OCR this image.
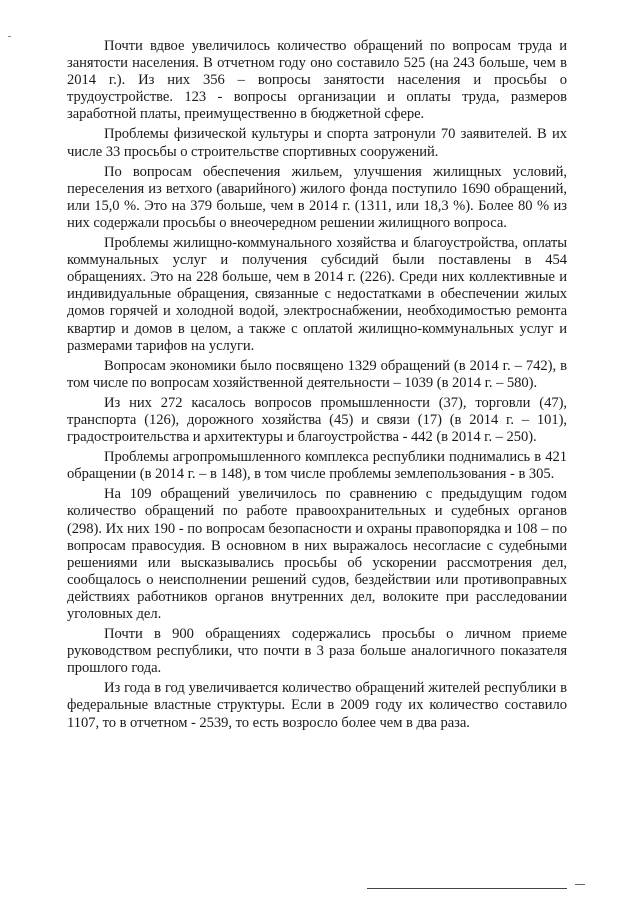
Почти вдвое увеличилось количество обращений по вопросам труда и занятости населения. В отчетном году оно составило 525 (на 243 больше, чем в 2014 г.). Из них 356 – вопросы занятости населения и просьбы о трудоустройстве. 123 - вопросы организации и оплаты труда, размеров заработной платы, преимущественно в бюджетной сфере.

Проблемы физической культуры и спорта затронули 70 заявителей. В их числе 33 просьбы о строительстве спортивных сооружений.

По вопросам обеспечения жильем, улучшения жилищных условий, переселения из ветхого (аварийного) жилого фонда поступило 1690 обращений, или 15,0 %. Это на 379 больше, чем в 2014 г. (1311, или 18,3 %). Более 80 % из них содержали просьбы о внеочередном решении жилищного вопроса.

Проблемы жилищно-коммунального хозяйства и благоустройства, оплаты коммунальных услуг и получения субсидий были поставлены в 454 обращениях. Это на 228 больше, чем в 2014 г. (226). Среди них коллективные и индивидуальные обращения, связанные с недостатками в обеспечении жилых домов горячей и холодной водой, электроснабжении, необходимостью ремонта квартир и домов в целом, а также с оплатой жилищно-коммунальных услуг и размерами тарифов на услуги.

Вопросам экономики было посвящено 1329 обращений (в 2014 г. – 742), в том числе по вопросам хозяйственной деятельности – 1039 (в 2014 г. – 580).

Из них 272 касалось вопросов промышленности (37), торговли (47), транспорта (126), дорожного хозяйства (45) и связи (17) (в 2014 г. – 101), градостроительства и архитектуры и благоустройства - 442 (в 2014 г. – 250).

Проблемы агропромышленного комплекса республики поднимались в 421 обращении (в 2014 г. – в 148), в том числе проблемы землепользования - в 305.

На 109 обращений увеличилось по сравнению с предыдущим годом количество обращений по работе правоохранительных и судебных органов (298). Их них 190 - по вопросам безопасности и охраны правопорядка и 108 – по вопросам правосудия. В основном в них выражалось несогласие с судебными решениями или высказывались просьбы об ускорении рассмотрения дел, сообщалось о неисполнении решений судов, бездействии или противоправных действиях работников органов внутренних дел, волоките при расследовании уголовных дел.

Почти в 900 обращениях содержались просьбы о личном приеме руководством республики, что почти в 3 раза больше аналогичного показателя прошлого года.

Из года в год увеличивается количество обращений жителей республики в федеральные властные структуры. Если в 2009 году их количество составило 1107, то в отчетном - 2539, то есть возросло более чем в два раза.
